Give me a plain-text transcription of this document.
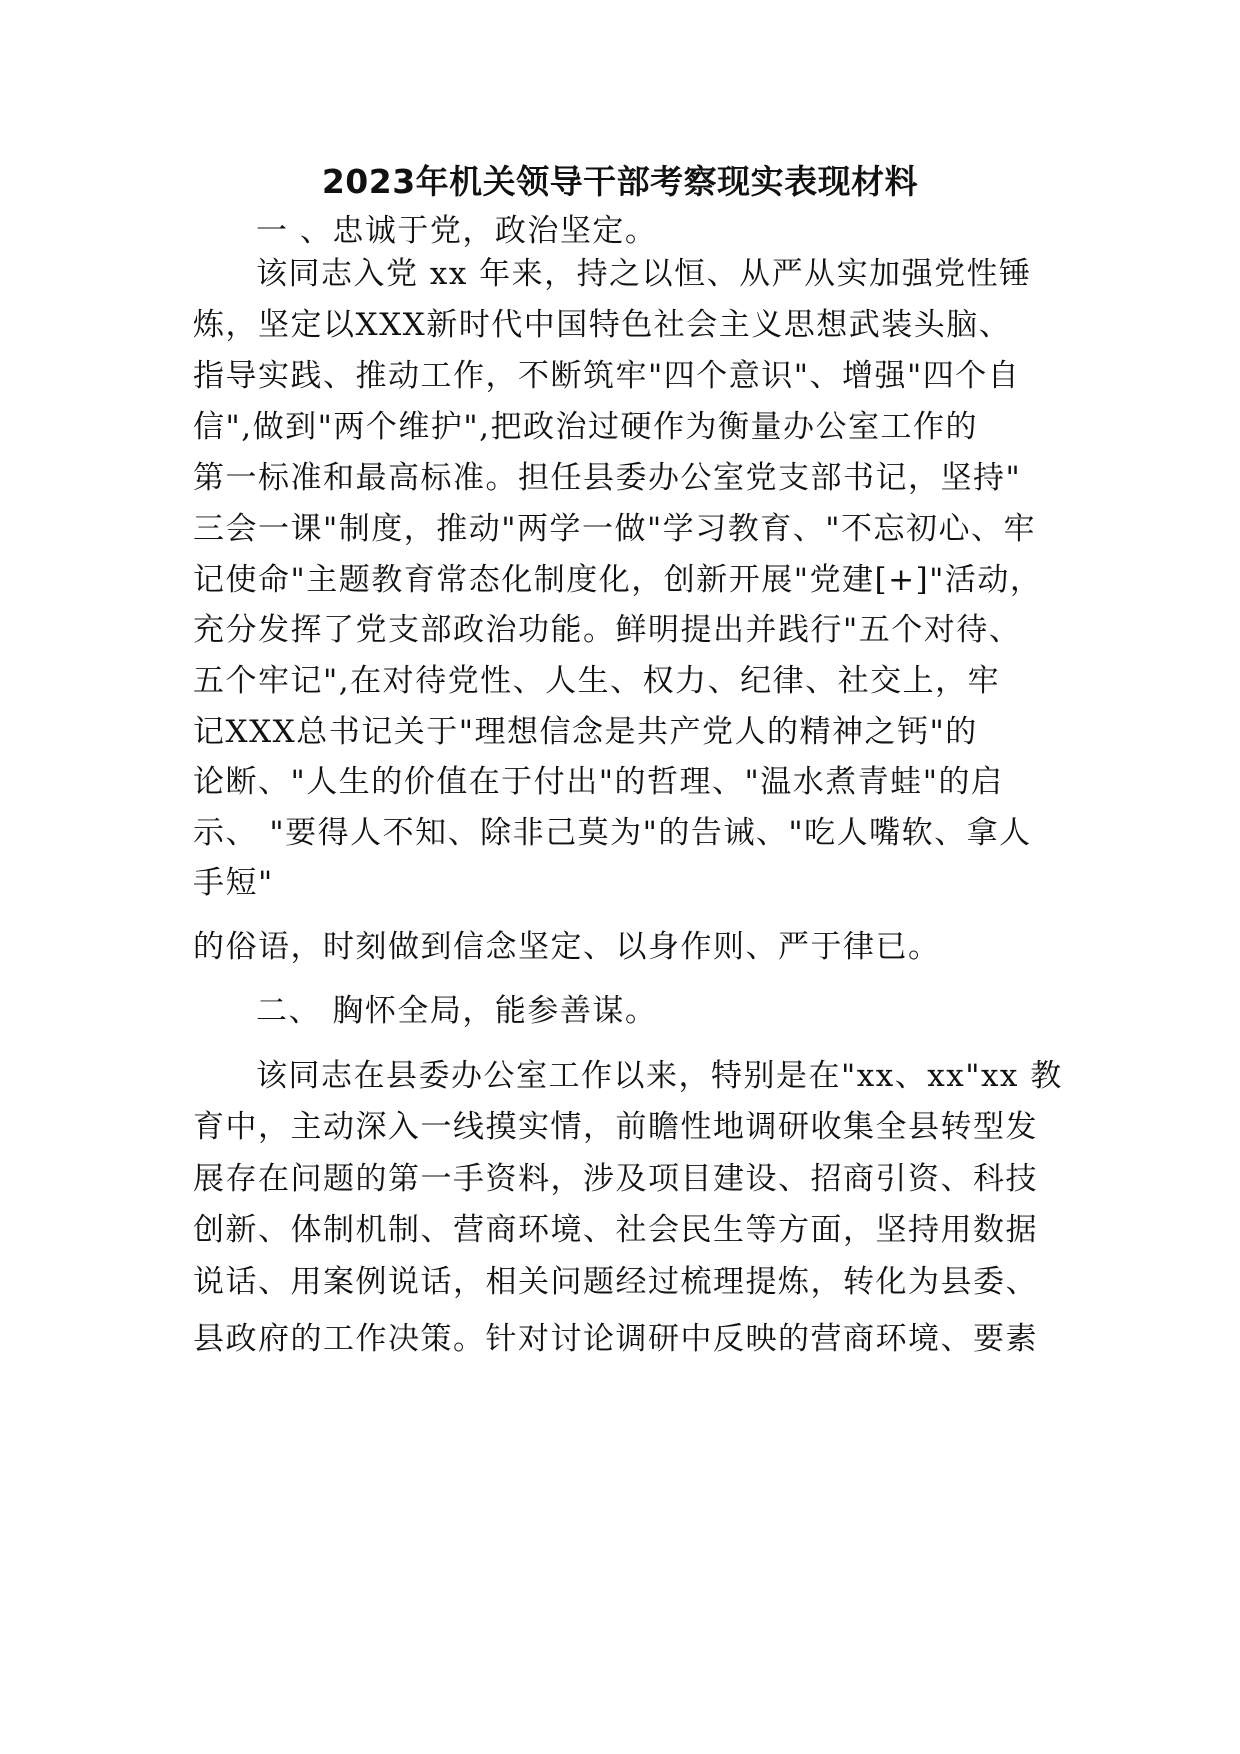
2023年机关领导干部考察现实表现材料
一 、忠诚于党，政治坚定。
该同志入党 xx 年来，持之以恒、从严从实加强党性锤
炼，坚定以XXX新时代中国特色社会主义思想武装头脑、
指导实践、推动工作，不断筑牢"四个意识"、增强"四个自
信",做到"两个维护",把政治过硬作为衡量办公室工作的
第一标准和最高标准。担任县委办公室党支部书记，坚持"
三会一课"制度，推动"两学一做"学习教育、"不忘初心、牢
记使命"主题教育常态化制度化，创新开展"党建[+]"活动，
充分发挥了党支部政治功能。鲜明提出并践行"五个对待、
五个牢记",在对待党性、人生、权力、纪律、社交上，牢
记XXX总书记关于"理想信念是共产党人的精神之钙"的
论断、"人生的价值在于付出"的哲理、"温水煮青蛙"的启
示、 "要得人不知、除非己莫为"的告诫、"吃人嘴软、拿人
手短"
的俗语，时刻做到信念坚定、以身作则、严于律已。
二、 胸怀全局，能参善谋。
该同志在县委办公室工作以来，特别是在"xx、xx"xx 教
育中，主动深入一线摸实情，前瞻性地调研收集全县转型发
展存在问题的第一手资料，涉及项目建设、招商引资、科技
创新、体制机制、营商环境、社会民生等方面，坚持用数据
说话、用案例说话，相关问题经过梳理提炼，转化为县委、
县政府的工作决策。针对讨论调研中反映的营商环境、要素
